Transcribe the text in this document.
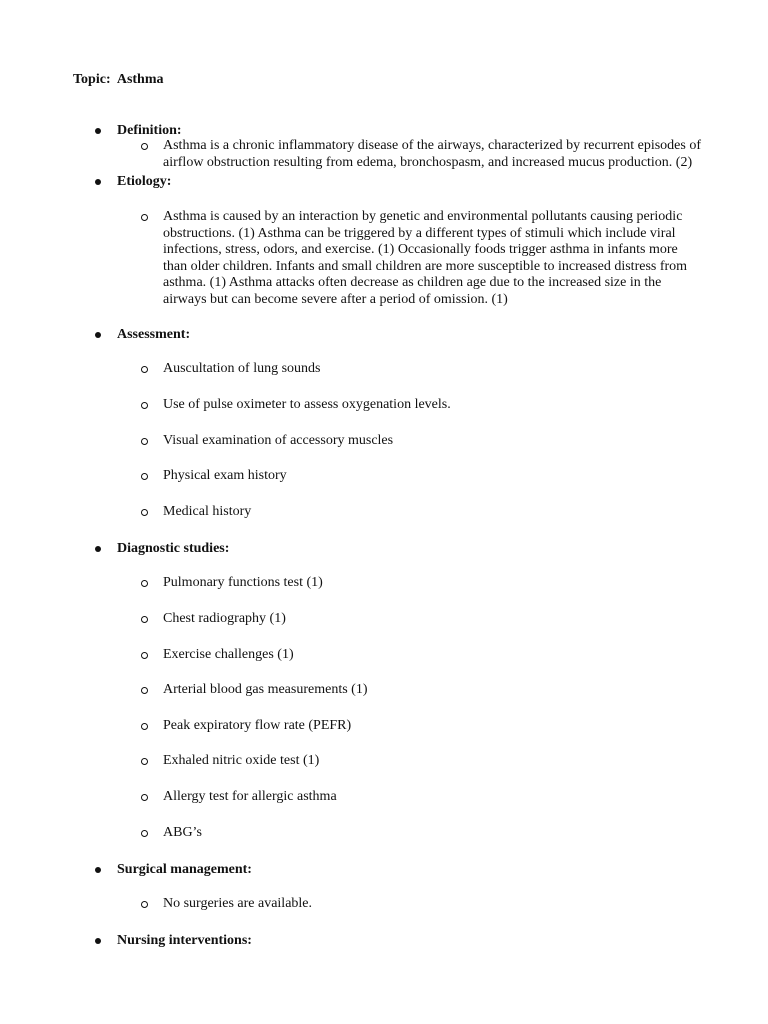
Topic:  Asthma
Definition:
Asthma is a chronic inflammatory disease of the airways, characterized by recurrent episodes of
airflow obstruction resulting from edema, bronchospasm, and increased mucus production. (2)
Etiology:
Asthma is caused by an interaction by genetic and environmental pollutants causing periodic
obstructions. (1) Asthma can be triggered by a different types of stimuli which include viral
infections, stress, odors, and exercise. (1) Occasionally foods trigger asthma in infants more
than older children. Infants and small children are more susceptible to increased distress from
asthma. (1) Asthma attacks often decrease as children age due to the increased size in the
airways but can become severe after a period of omission. (1)
Assessment:
Auscultation of lung sounds
Use of pulse oximeter to assess oxygenation levels.
Visual examination of accessory muscles
Physical exam history
Medical history
Diagnostic studies:
Pulmonary functions test (1)
Chest radiography (1)
Exercise challenges (1)
Arterial blood gas measurements (1)
Peak expiratory flow rate (PEFR)
Exhaled nitric oxide test (1)
Allergy test for allergic asthma
ABG’s
Surgical management:
No surgeries are available.
Nursing interventions:
